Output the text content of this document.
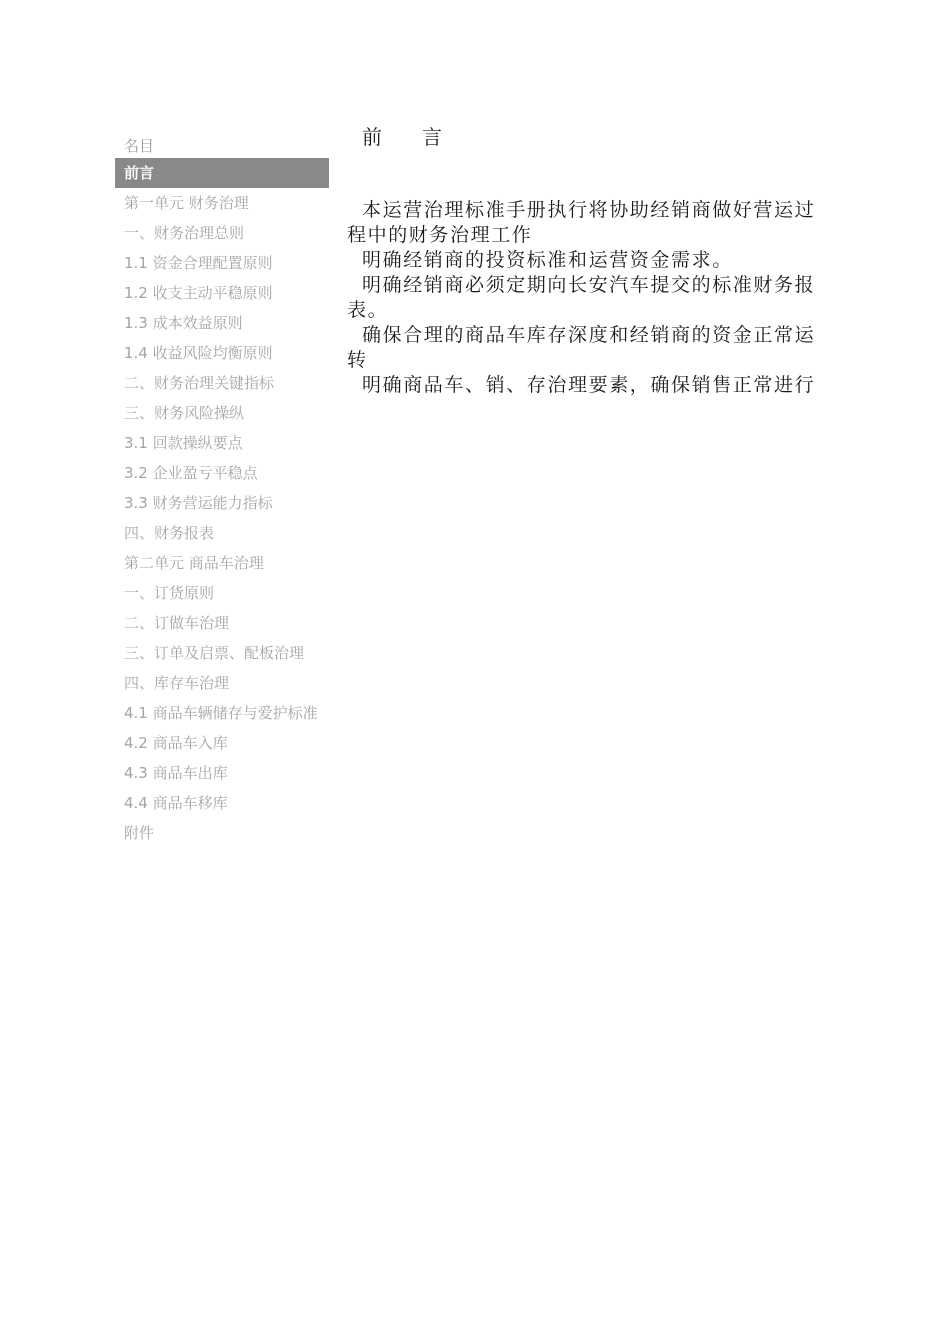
名目
前言
第一单元 财务治理
一、财务治理总则
1.1 资金合理配置原则
1.2 收支主动平稳原则
1.3 成本效益原则
1.4 收益风险均衡原则
二、财务治理关键指标
三、财务风险操纵
3.1 回款操纵要点
3.2 企业盈亏平稳点
3.3 财务营运能力指标
四、财务报表
第二单元 商品车治理
一、订货原则
二、订做车治理
三、订单及启票、配板治理
四、库存车治理
4.1 商品车辆储存与爱护标准
4.2 商品车入库
4.3 商品车出库
4.4 商品车移库
附件
前　　言

本运营治理标准手册执行将协助经销商做好营运过程中的财务治理工作

明确经销商的投资标准和运营资金需求。

明确经销商必须定期向长安汽车提交的标准财务报表。

确保合理的商品车库存深度和经销商的资金正常运转

明确商品车、销、存治理要素，确保销售正常进行
